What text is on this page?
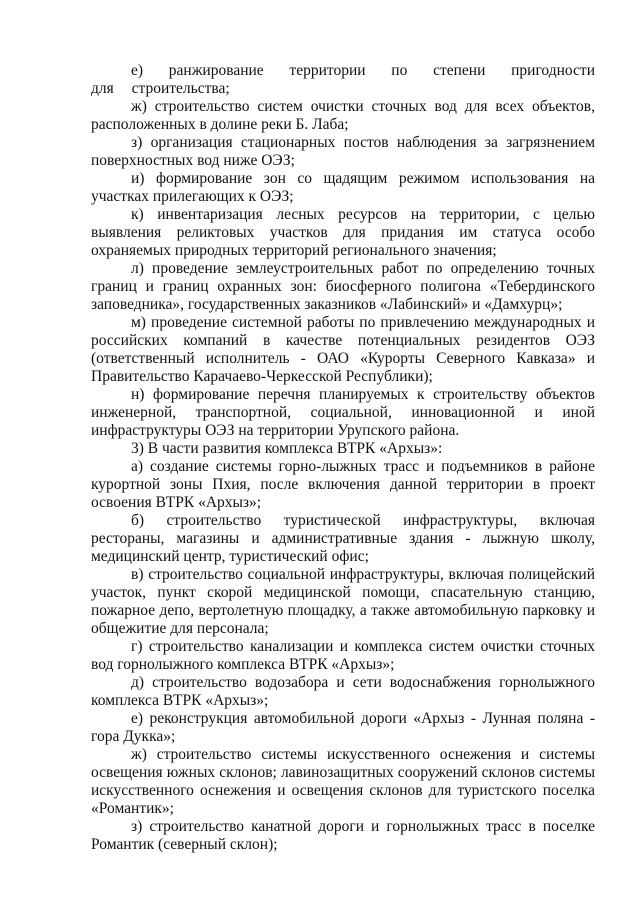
е) ранжирование территории по степени пригодности для строительства;

ж) строительство систем очистки сточных вод для всех объектов, расположенных в долине реки Б. Лаба;

з) организация стационарных постов наблюдения за загрязнением поверхностных вод ниже ОЭЗ;

и) формирование зон со щадящим режимом использования на участках прилегающих к ОЭЗ;

к) инвентаризация лесных ресурсов на территории, с целью выявления реликтовых участков для придания им статуса особо охраняемых природных территорий регионального значения;

л) проведение землеустроительных работ по определению точных границ и границ охранных зон: биосферного полигона «Тебердинского заповедника», государственных заказников «Лабинский» и «Дамхурц»;

м) проведение системной работы по привлечению международных и российских компаний в качестве потенциальных резидентов ОЭЗ (ответственный исполнитель - ОАО «Курорты Северного Кавказа» и Правительство Карачаево-Черкесской Республики);

н) формирование перечня планируемых к строительству объектов инженерной, транспортной, социальной, инновационной и иной инфраструктуры ОЭЗ на территории Урупского района.

3) В части развития комплекса ВТРК «Архыз»:

а) создание системы горно-лыжных трасс и подъемников в районе курортной зоны Пхия, после включения данной территории в проект освоения ВТРК «Архыз»;

б) строительство туристической инфраструктуры, включая рестораны, магазины и административные здания - лыжную школу, медицинский центр, туристический офис;

в) строительство социальной инфраструктуры, включая полицейский участок, пункт скорой медицинской помощи, спасательную станцию, пожарное депо, вертолетную площадку, а также автомобильную парковку и общежитие для персонала;

г) строительство канализации и комплекса систем очистки сточных вод горнолыжного комплекса ВТРК «Архыз»;

д) строительство водозабора и сети водоснабжения горнолыжного комплекса ВТРК «Архыз»;

е) реконструкция автомобильной дороги «Архыз - Лунная поляна - гора Дукка»;

ж) строительство системы искусственного оснежения и системы освещения южных склонов; лавинозащитных сооружений склонов системы искусственного оснежения и освещения склонов для туристского поселка «Романтик»;

з) строительство канатной дороги и горнолыжных трасс в поселке Романтик (северный склон);
